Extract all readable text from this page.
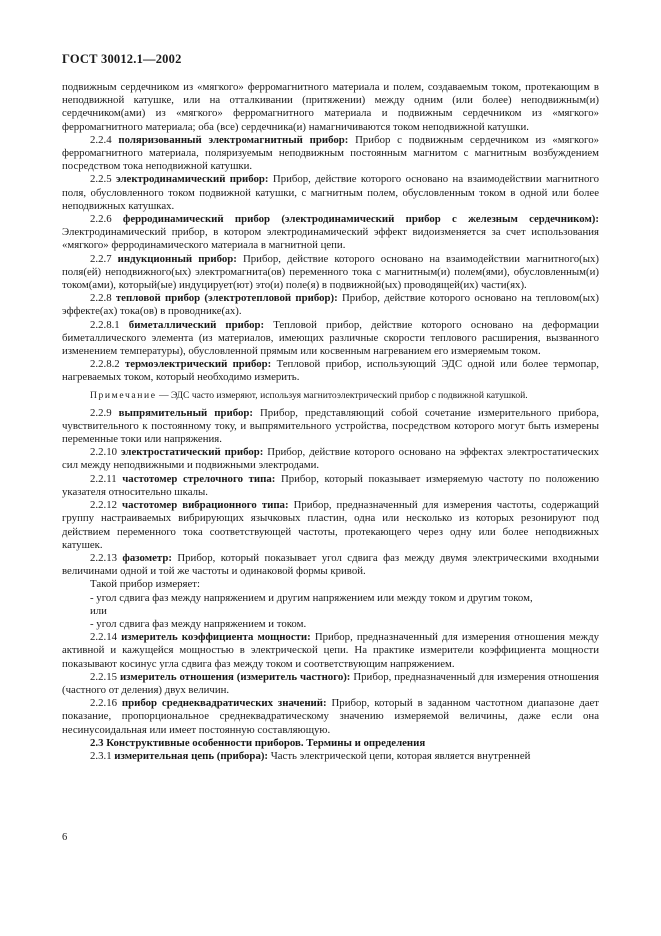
ГОСТ 30012.1—2002

подвижным сердечником из «мягкого» ферромагнитного материала и полем, создаваемым током, протекающим в неподвижной катушке, или на отталкивании (притяжении) между одним (или более) неподвижным(и) сердечником(ами) из «мягкого» ферромагнитного материала и подвижным сердечником из «мягкого» ферромагнитного материала; оба (все) сердечника(и) намагничиваются током неподвижной катушки.

2.2.4 поляризованный электромагнитный прибор: Прибор с подвижным сердечником из «мягкого» ферромагнитного материала, поляризуемым неподвижным постоянным магнитом с магнитным возбуждением посредством тока неподвижной катушки.

2.2.5 электродинамический прибор: Прибор, действие которого основано на взаимодействии магнитного поля, обусловленного током подвижной катушки, с магнитным полем, обусловленным током в одной или более неподвижных катушках.

2.2.6 ферродинамический прибор (электродинамический прибор с железным сердечником): Электродинамический прибор, в котором электродинамический эффект видоизменяется за счет использования «мягкого» ферродинамического материала в магнитной цепи.

2.2.7 индукционный прибор: Прибор, действие которого основано на взаимодействии магнитного(ых) поля(ей) неподвижного(ых) электромагнита(ов) переменного тока с магнитным(и) полем(ями), обусловленным(и) током(ами), который(ые) индуцирует(ют) это(и) поле(я) в подвижной(ых) проводящей(их) части(ях).

2.2.8 тепловой прибор (электротепловой прибор): Прибор, действие которого основано на тепловом(ых) эффекте(ах) тока(ов) в проводнике(ах).

2.2.8.1 биметаллический прибор: Тепловой прибор, действие которого основано на деформации биметаллического элемента (из материалов, имеющих различные скорости теплового расширения, вызванного изменением температуры), обусловленной прямым или косвенным нагреванием его измеряемым током.

2.2.8.2 термоэлектрический прибор: Тепловой прибор, использующий ЭДС одной или более термопар, нагреваемых током, который необходимо измерить.

Примечание — ЭДС часто измеряют, используя магнитоэлектрический прибор с подвижной катушкой.

2.2.9 выпрямительный прибор: Прибор, представляющий собой сочетание измерительного прибора, чувствительного к постоянному току, и выпрямительного устройства, посредством которого могут быть измерены переменные токи или напряжения.

2.2.10 электростатический прибор: Прибор, действие которого основано на эффектах электростатических сил между неподвижными и подвижными электродами.

2.2.11 частотомер стрелочного типа: Прибор, который показывает измеряемую частоту по положению указателя относительно шкалы.

2.2.12 частотомер вибрационного типа: Прибор, предназначенный для измерения частоты, содержащий группу настраиваемых вибрирующих язычковых пластин, одна или несколько из которых резонируют под действием переменного тока соответствующей частоты, протекающего через одну или более неподвижных катушек.

2.2.13 фазометр: Прибор, который показывает угол сдвига фаз между двумя электрическими входными величинами одной и той же частоты и одинаковой формы кривой.

Такой прибор измеряет:

- угол сдвига фаз между напряжением и другим напряжением или между током и другим током,

или

- угол сдвига фаз между напряжением и током.

2.2.14 измеритель коэффициента мощности: Прибор, предназначенный для измерения отношения между активной и кажущейся мощностью в электрической цепи. На практике измерители коэффициента мощности показывают косинус угла сдвига фаз между током и соответствующим напряжением.

2.2.15 измеритель отношения (измеритель частного): Прибор, предназначенный для измерения отношения (частного от деления) двух величин.

2.2.16 прибор среднеквадратических значений: Прибор, который в заданном частотном диапазоне дает показание, пропорциональное среднеквадратическому значению измеряемой величины, даже если она несинусоидальная или имеет постоянную составляющую.

2.3 Конструктивные особенности приборов. Термины и определения

2.3.1 измерительная цепь (прибора): Часть электрической цепи, которая является внутренней

6
